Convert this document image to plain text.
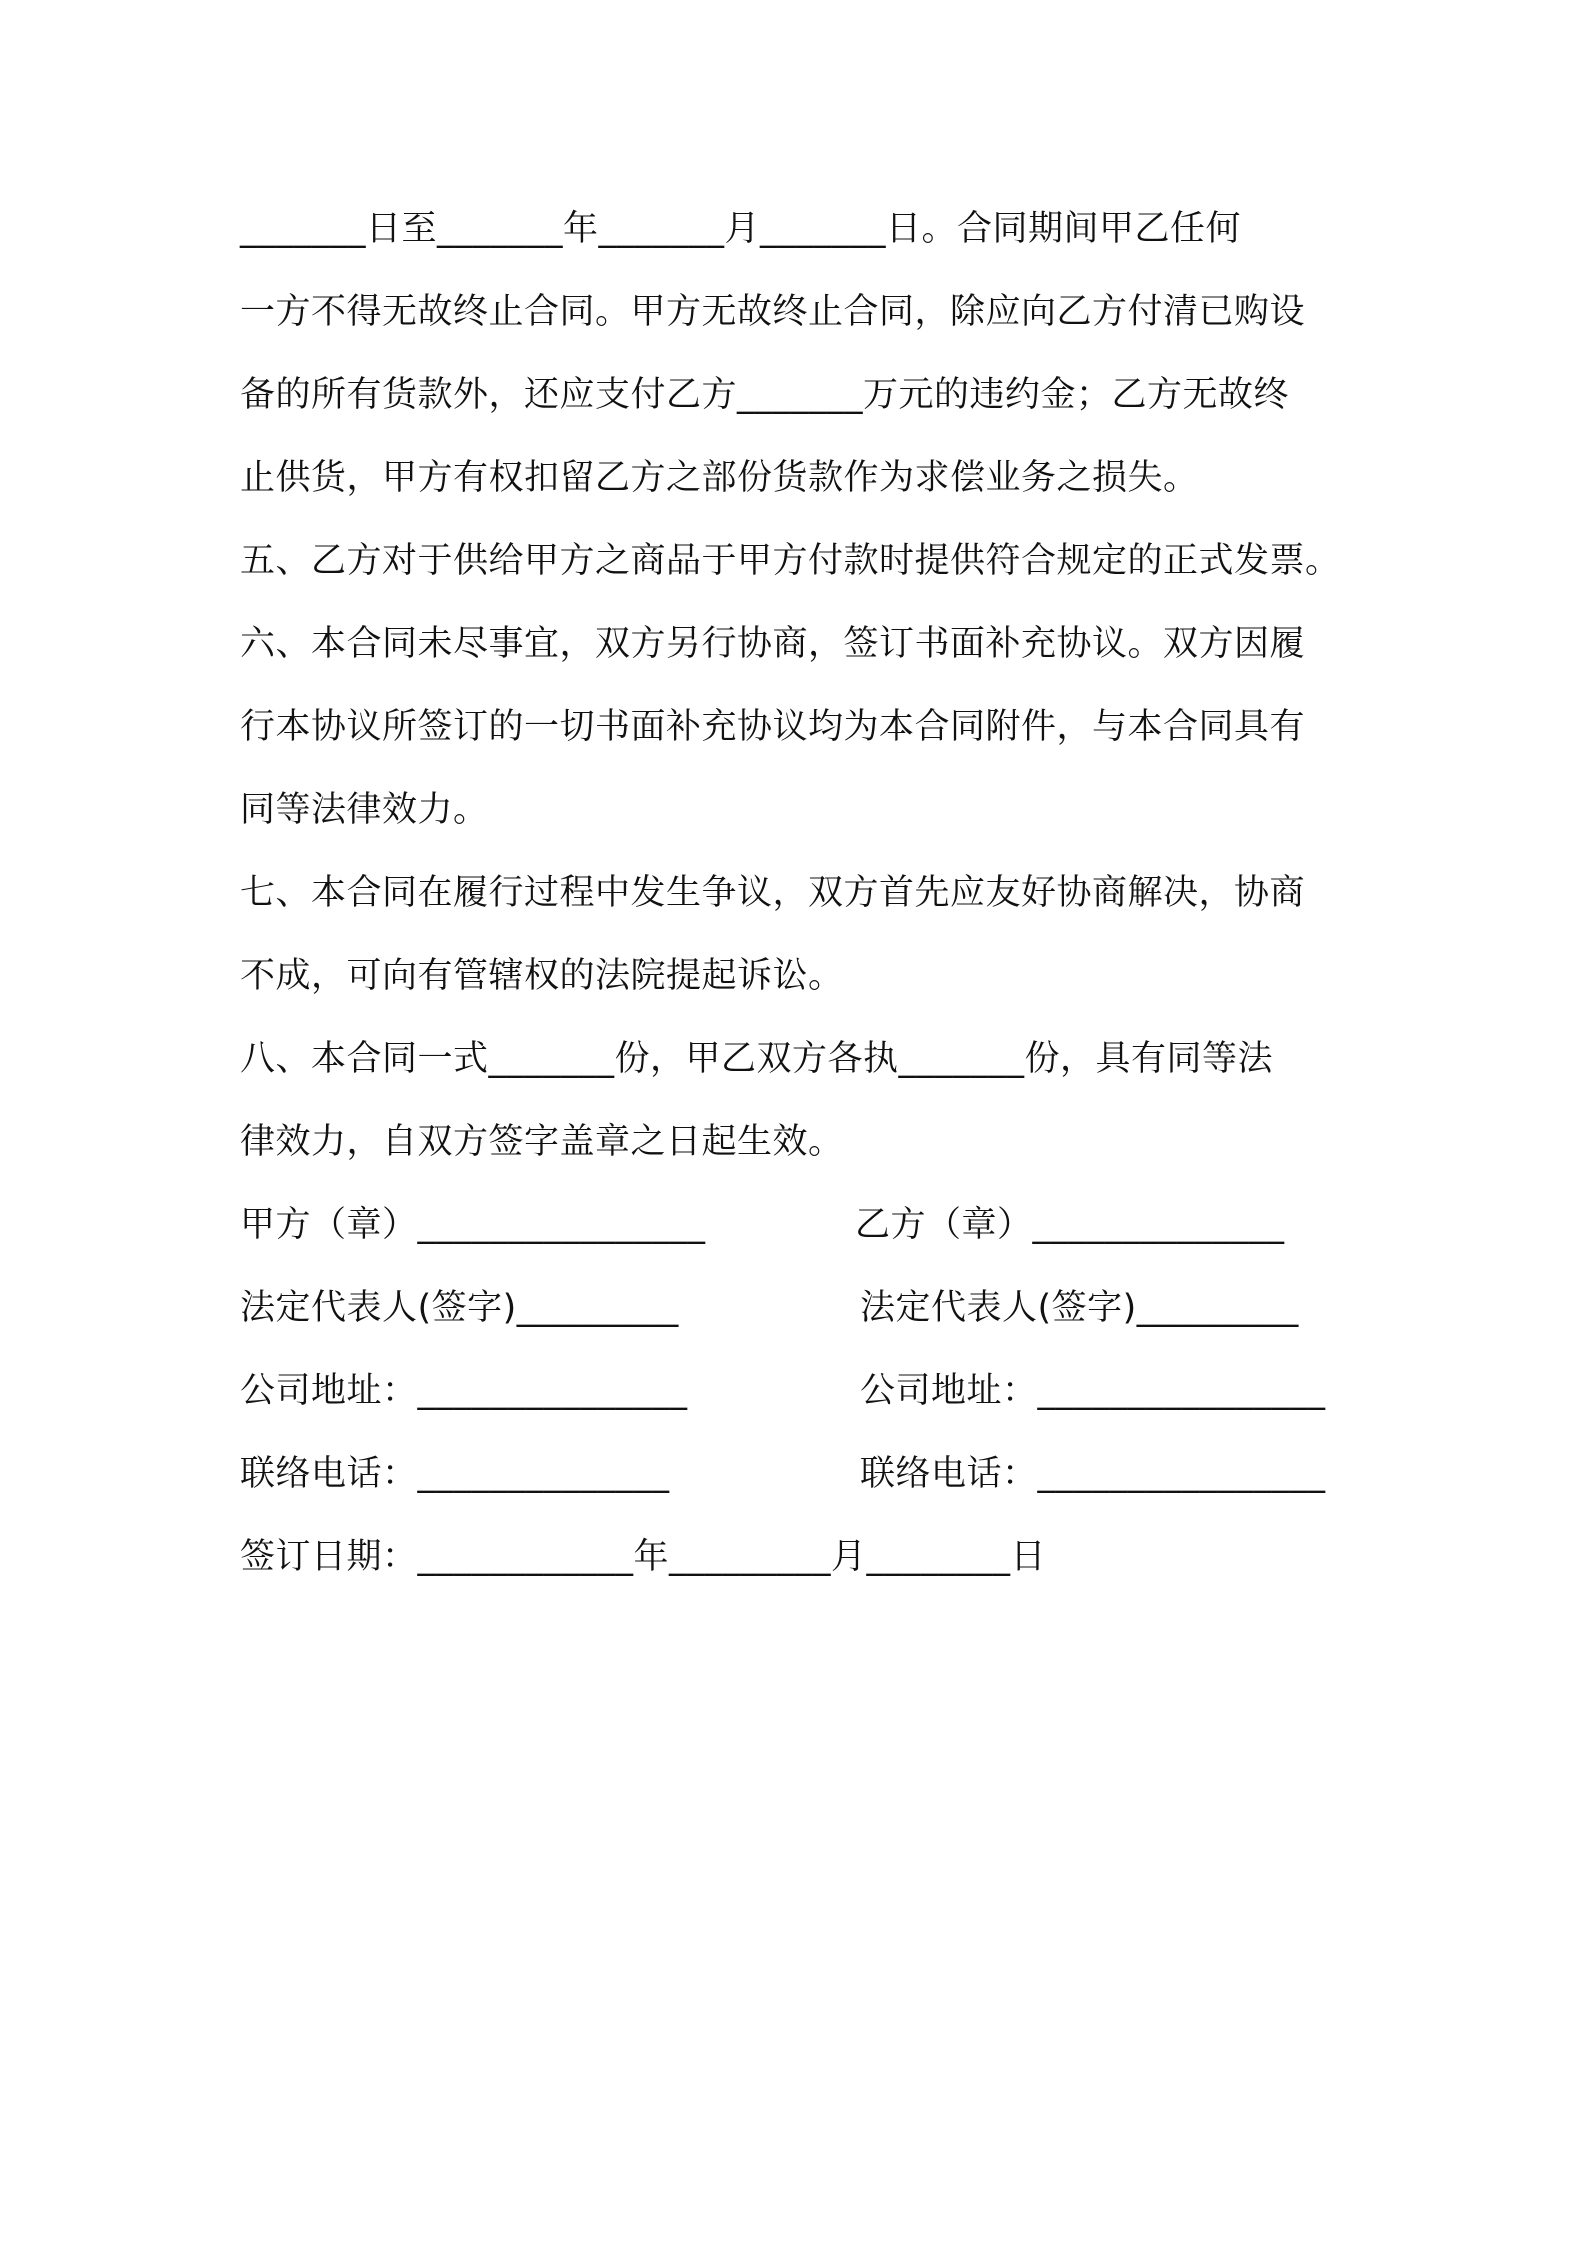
_______日至_______年_______月_______日。合同期间甲乙任何
一方不得无故终止合同。甲方无故终止合同，除应向乙方付清已购设
备的所有货款外，还应支付乙方_______万元的违约金；乙方无故终
止供货，甲方有权扣留乙方之部份货款作为求偿业务之损失。
五、乙方对于供给甲方之商品于甲方付款时提供符合规定的正式发票。
六、本合同未尽事宜，双方另行协商，签订书面补充协议。双方因履
行本协议所签订的一切书面补充协议均为本合同附件，与本合同具有
同等法律效力。
七、本合同在履行过程中发生争议，双方首先应友好协商解决，协商
不成，可向有管辖权的法院提起诉讼。
八、本合同一式_______份，甲乙双方各执_______份，具有同等法
律效力，自双方签字盖章之日起生效。
甲方（章）________________	乙方（章）______________
法定代表人(签字)_________	法定代表人(签字)_________
公司地址：_______________	公司地址：________________
联络电话：______________	联络电话：________________
签订日期：____________年_________月________日
